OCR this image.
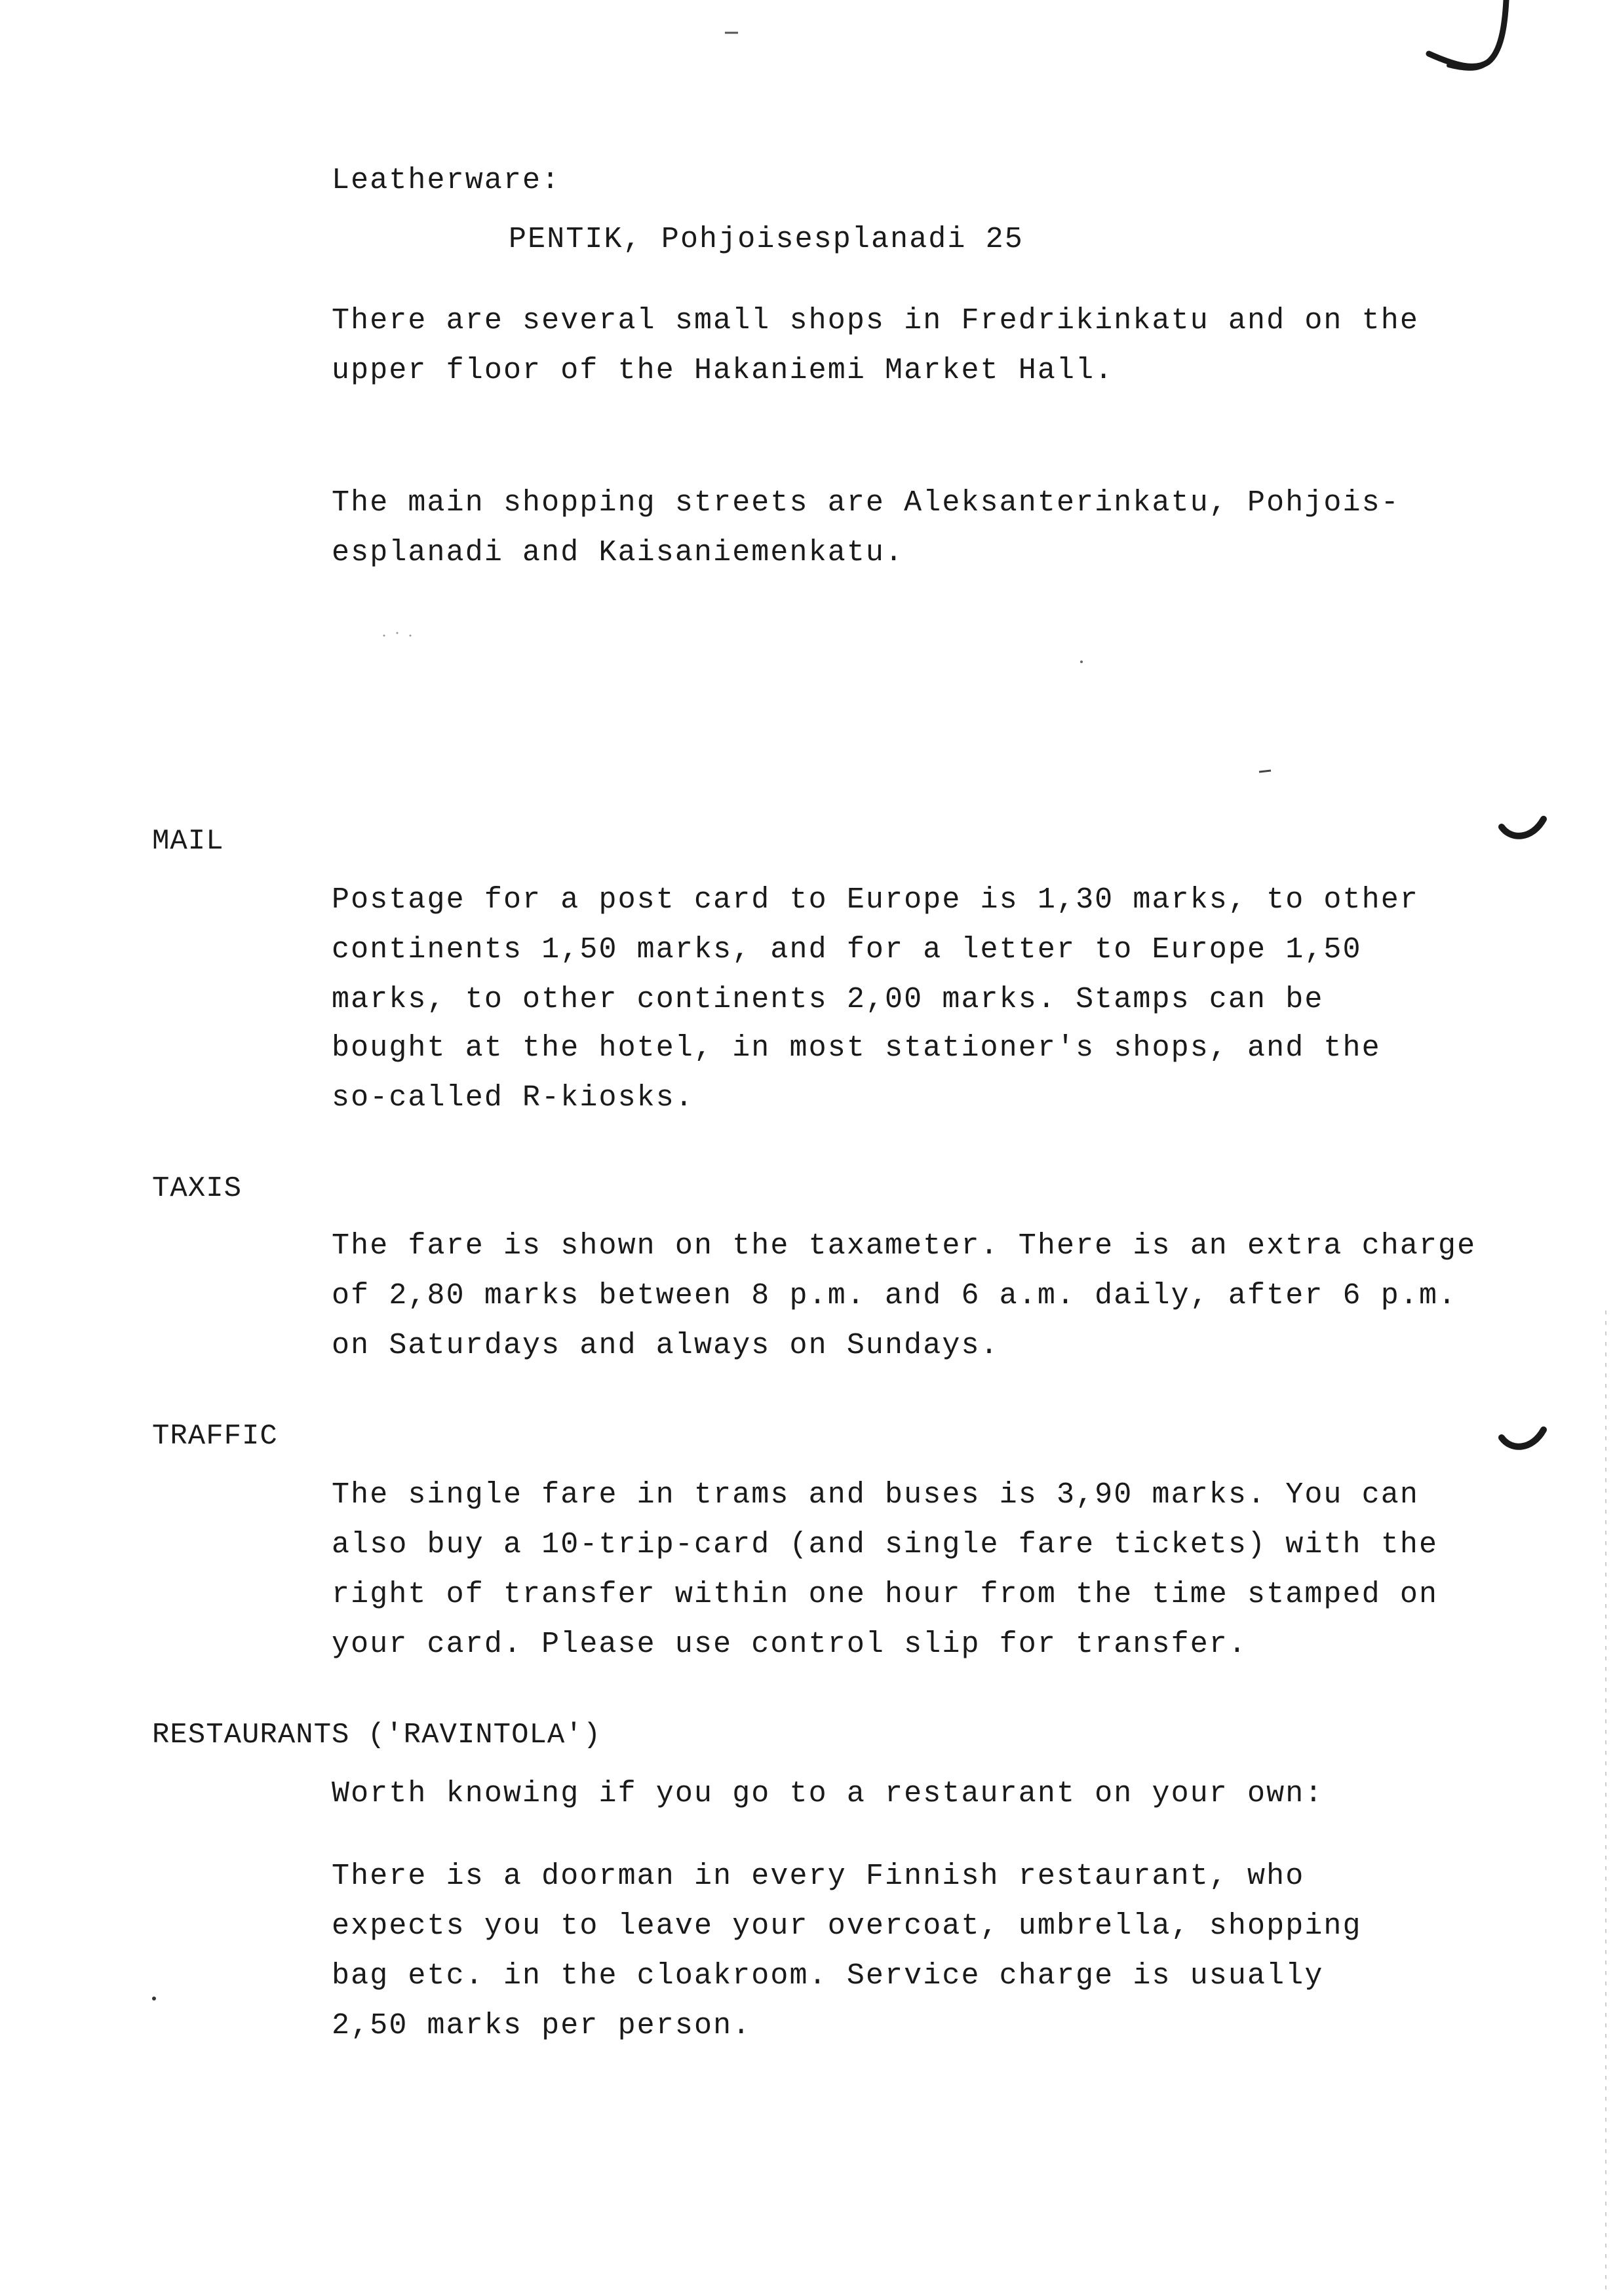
Leatherware:
PENTIK, Pohjoisesplanadi 25
There are several small shops in Fredrikinkatu and on the
upper floor of the Hakaniemi Market Hall.
The main shopping streets are Aleksanterinkatu, Pohjois-
esplanadi and Kaisaniemenkatu.
MAIL
Postage for a post card to Europe is 1,30 marks, to other
continents 1,50 marks, and for a letter to Europe 1,50
marks, to other continents 2,00 marks. Stamps can be
bought at the hotel, in most stationer's shops, and the
so-called R-kiosks.
TAXIS
The fare is shown on the taxameter. There is an extra charge
of 2,80 marks between 8 p.m. and 6 a.m. daily, after 6 p.m.
on Saturdays and always on Sundays.
TRAFFIC
The single fare in trams and buses is 3,90 marks. You can
also buy a 10-trip-card (and single fare tickets) with the
right of transfer within one hour from the time stamped on
your card. Please use control slip for transfer.
RESTAURANTS ('RAVINTOLA')
Worth knowing if you go to a restaurant on your own:
There is a doorman in every Finnish restaurant, who
expects you to leave your overcoat, umbrella, shopping
bag etc. in the cloakroom. Service charge is usually
2,50 marks per person.
